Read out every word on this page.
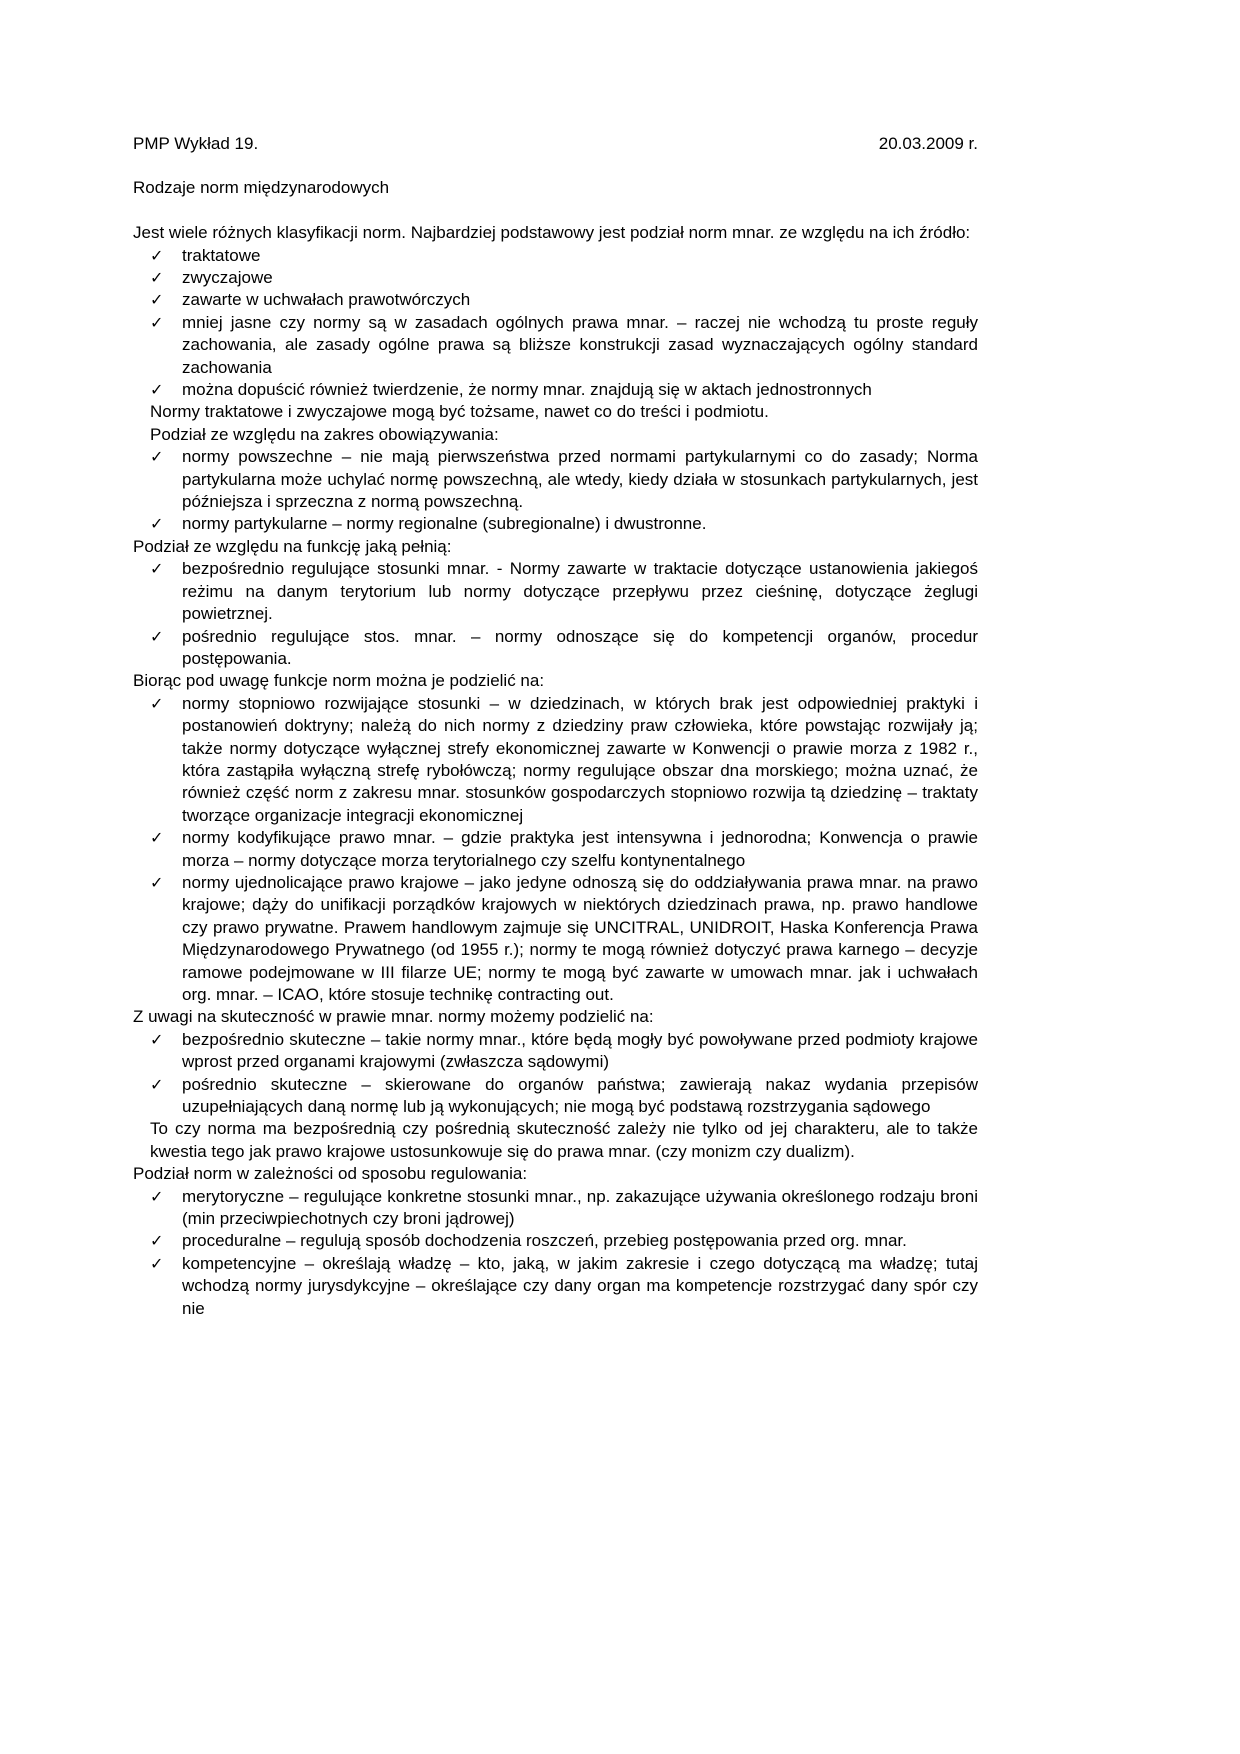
PMP Wykład 19.	20.03.2009 r.
Rodzaje norm międzynarodowych

Jest wiele różnych klasyfikacji norm. Najbardziej podstawowy jest podział norm mnar. ze względu na ich źródło:

✓ traktatowe
✓ zwyczajowe
✓ zawarte w uchwałach prawotwórczych
✓ mniej jasne czy normy są w zasadach ogólnych prawa mnar. – raczej nie wchodzą tu proste reguły zachowania, ale zasady ogólne prawa są bliższe konstrukcji zasad wyznaczających ogólny standard zachowania
✓ można dopuścić również twierdzenie, że normy mnar. znajdują się w aktach jednostronnych

Normy traktatowe i zwyczajowe mogą być tożsame, nawet co do treści i podmiotu.

Podział ze względu na zakres obowiązywania:

✓ normy powszechne – nie mają pierwszeństwa przed normami partykularnymi co do zasady; Norma partykularna może uchylać normę powszechną, ale wtedy, kiedy działa w stosunkach partykularnych, jest późniejsza i sprzeczna z normą powszechną.
✓ normy partykularne – normy regionalne (subregionalne) i dwustronne.

Podział ze względu na funkcję jaką pełnią:

✓ bezpośrednio regulujące stosunki mnar. - Normy zawarte w traktacie dotyczące ustanowienia jakiegoś reżimu na danym terytorium lub normy dotyczące przepływu przez cieśninę, dotyczące żeglugi powietrznej.
✓ pośrednio regulujące stos. mnar. – normy odnoszące się do kompetencji organów, procedur postępowania.

Biorąc pod uwagę funkcje norm można je podzielić na:

✓ normy stopniowo rozwijające stosunki – w dziedzinach, w których brak jest odpowiedniej praktyki i postanowień doktryny; należą do nich normy z dziedziny praw człowieka, które powstając rozwijały ją; także normy dotyczące wyłącznej strefy ekonomicznej zawarte w Konwencji o prawie morza z 1982 r., która zastąpiła wyłączną strefę rybołówczą; normy regulujące obszar dna morskiego; można uznać, że również część norm z zakresu mnar. stosunków gospodarczych stopniowo rozwija tą dziedzinę – traktaty tworzące organizacje integracji ekonomicznej
✓ normy kodyfikujące prawo mnar. – gdzie praktyka jest intensywna i jednorodna; Konwencja o prawie morza – normy dotyczące morza terytorialnego czy szelfu kontynentalnego
✓ normy ujednolicające prawo krajowe – jako jedyne odnoszą się do oddziaływania prawa mnar. na prawo krajowe; dąży do unifikacji porządków krajowych w niektórych dziedzinach prawa, np. prawo handlowe czy prawo prywatne. Prawem handlowym zajmuje się UNCITRAL, UNIDROIT, Haska Konferencja Prawa Międzynarodowego Prywatnego (od 1955 r.); normy te mogą również dotyczyć prawa karnego – decyzje ramowe podejmowane w III filarze UE; normy te mogą być zawarte w umowach mnar. jak i uchwałach org. mnar. – ICAO, które stosuje technikę contracting out.

Z uwagi na skuteczność w prawie mnar. normy możemy podzielić na:

✓ bezpośrednio skuteczne – takie normy mnar., które będą mogły być powoływane przed podmioty krajowe wprost przed organami krajowymi (zwłaszcza sądowymi)
✓ pośrednio skuteczne – skierowane do organów państwa; zawierają nakaz wydania przepisów uzupełniających daną normę lub ją wykonujących; nie mogą być podstawą rozstrzygania sądowego

To czy norma ma bezpośrednią czy pośrednią skuteczność zależy nie tylko od jej charakteru, ale to także kwestia tego jak prawo krajowe ustosunkowuje się do prawa mnar. (czy monizm czy dualizm).

Podział norm w zależności od sposobu regulowania:

✓ merytoryczne – regulujące konkretne stosunki mnar., np. zakazujące używania określonego rodzaju broni (min przeciwpiechotnych czy broni jądrowej)
✓ proceduralne – regulują sposób dochodzenia roszczeń, przebieg postępowania przed org. mnar.
✓ kompetencyjne – określają władzę – kto, jaką, w jakim zakresie i czego dotyczącą ma władzę; tutaj wchodzą normy jurysdykcyjne – określające czy dany organ ma kompetencje rozstrzygać dany spór czy nie
